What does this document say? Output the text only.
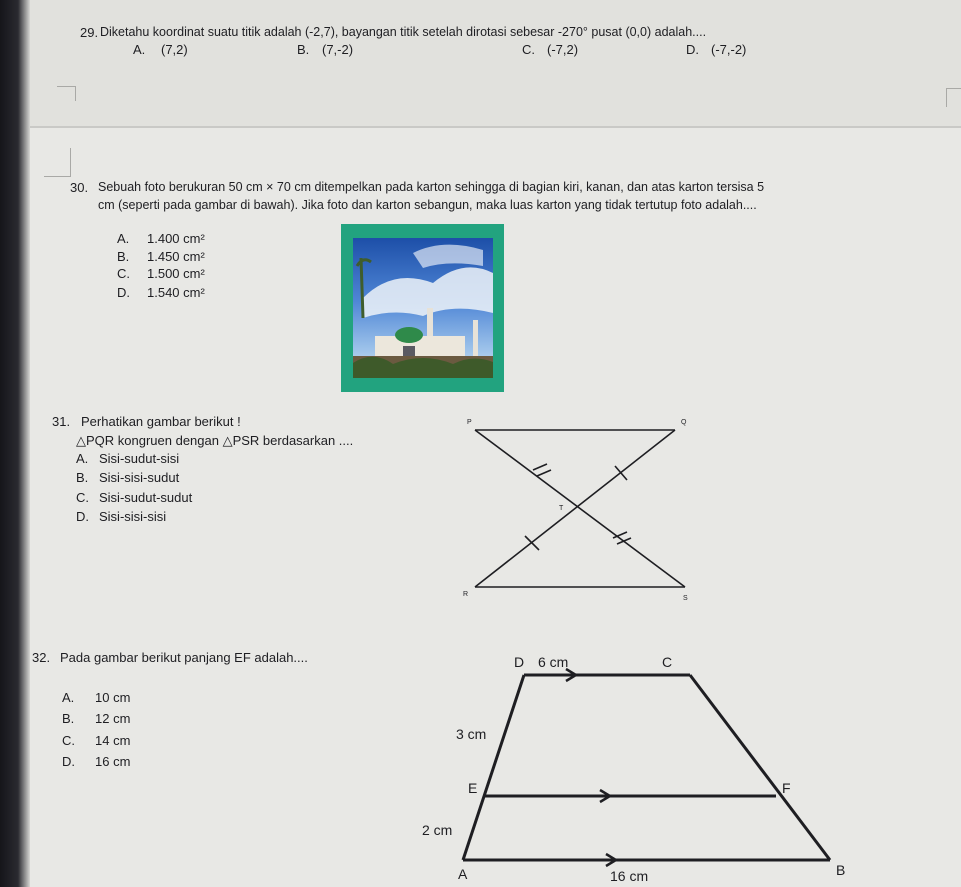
29. Diketahu koordinat suatu titik adalah (-2,7), bayangan titik setelah dirotasi sebesar -270° pusat (0,0) adalah....
A. (7,2)	B. (7,-2)	C. (-7,2)	D. (-7,-2)
30. Sebuah foto berukuran 50 cm × 70 cm ditempelkan pada karton sehingga di bagian kiri, kanan, dan atas karton tersisa 5
cm (seperti pada gambar di bawah). Jika foto dan karton sebangun, maka luas karton yang tidak tertutup foto adalah....
A. 1.400 cm²
B. 1.450 cm²
C. 1.500 cm²
D. 1.540 cm²
31. Perhatikan gambar berikut !
△PQR kongruen dengan △PSR berdasarkan ....
A. Sisi-sudut-sisi
B. Sisi-sisi-sudut
C. Sisi-sudut-sudut
D. Sisi-sisi-sisi
P	Q
T
R
S
32. Pada gambar berikut panjang EF adalah....
A. 10 cm
B. 12 cm
C. 14 cm
D. 16 cm
D 6 cm	C
3 cm
E	F
2 cm
A	16 cm	B
